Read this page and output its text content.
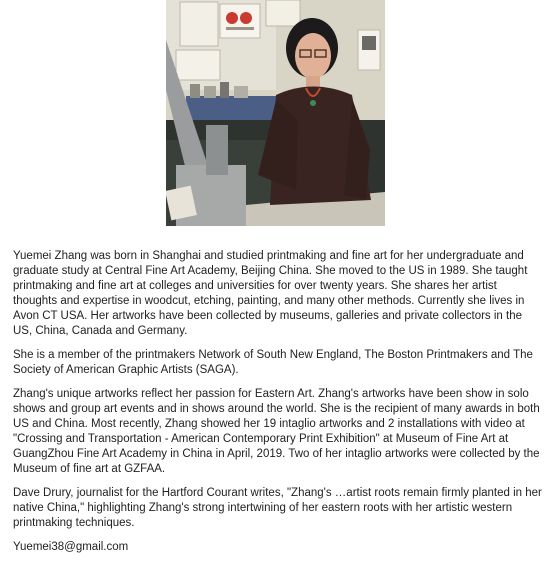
Yuemei Zhang was born in Shanghai and studied printmaking and fine art for her undergraduate and graduate study at Central Fine Art Academy, Beijing China. She moved to the US in 1989. She taught printmaking and fine art at colleges and universities for over twenty years. She shares her artist thoughts and expertise in woodcut, etching, painting, and many other methods. Currently she lives in Avon CT USA. Her artworks have been collected by museums, galleries and private collectors in the US, China, Canada and Germany.

She is a member of the printmakers Network of South New England, The Boston Printmakers and The Society of American Graphic Artists (SAGA).

Zhang's unique artworks reflect her passion for Eastern Art. Zhang's artworks have been show in solo shows and group art events and in shows around the world. She is the recipient of many awards in both US and China. Most recently, Zhang showed her 19 intaglio artworks and 2 installations with video at "Crossing and Transportation - American Contemporary Print Exhibition" at Museum of Fine Art at GuangZhou Fine Art Academy in China in April, 2019. Two of her intaglio artworks were collected by the Museum of fine art at GZFAA.

Dave Drury, journalist for the Hartford Courant writes, "Zhang's …artist roots remain firmly planted in her native China," highlighting Zhang's strong intertwining of her eastern roots with her artistic western printmaking techniques.

Yuemei38@gmail.com
